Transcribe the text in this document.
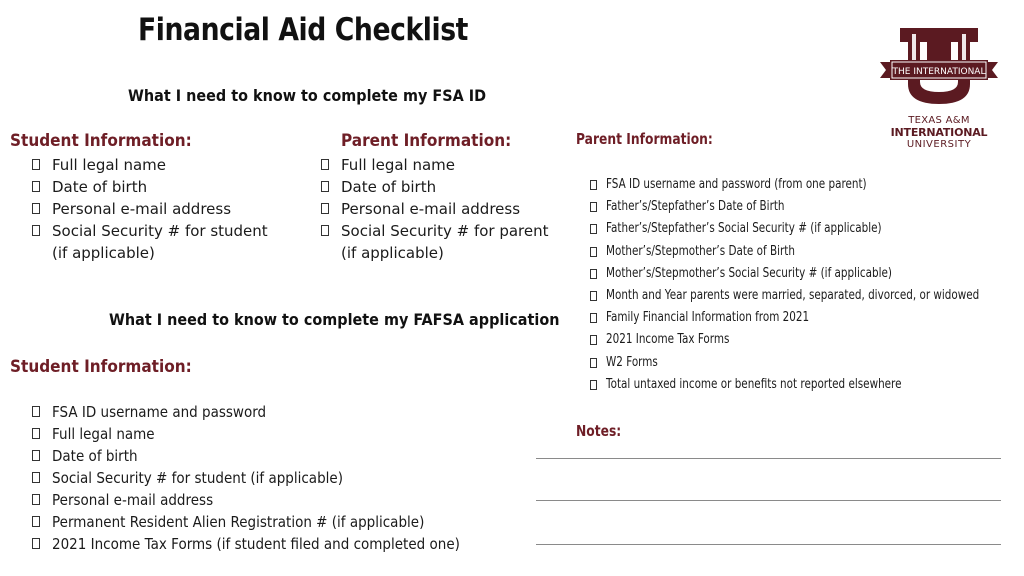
Financial Aid Checklist
What I need to know to complete my FSA ID
Student Information:
Full legal name
Date of birth
Personal e-mail address
Social Security # for student
(if applicable)
Parent Information:
Full legal name
Date of birth
Personal e-mail address
Social Security # for parent
(if applicable)
What I need to know to complete my FAFSA application
Student Information:
FSA ID username and password
Full legal name
Date of birth
Social Security # for student (if applicable)
Personal e-mail address
Permanent Resident Alien Registration # (if applicable)
2021 Income Tax Forms (if student filed and completed one)
Parent Information:
FSA ID username and password (from one parent)
Father’s/Stepfather’s Date of Birth
Father’s/Stepfather’s Social Security # (if applicable)
Mother’s/Stepmother’s Date of Birth
Mother’s/Stepmother’s Social Security # (if applicable)
Month and Year parents were married, separated, divorced, or widowed
Family Financial Information from 2021
2021 Income Tax Forms
W2 Forms
Total untaxed income or benefits not reported elsewhere
Notes:
THE INTERNATIONAL
TEXAS A&M
INTERNATIONAL
UNIVERSITY
